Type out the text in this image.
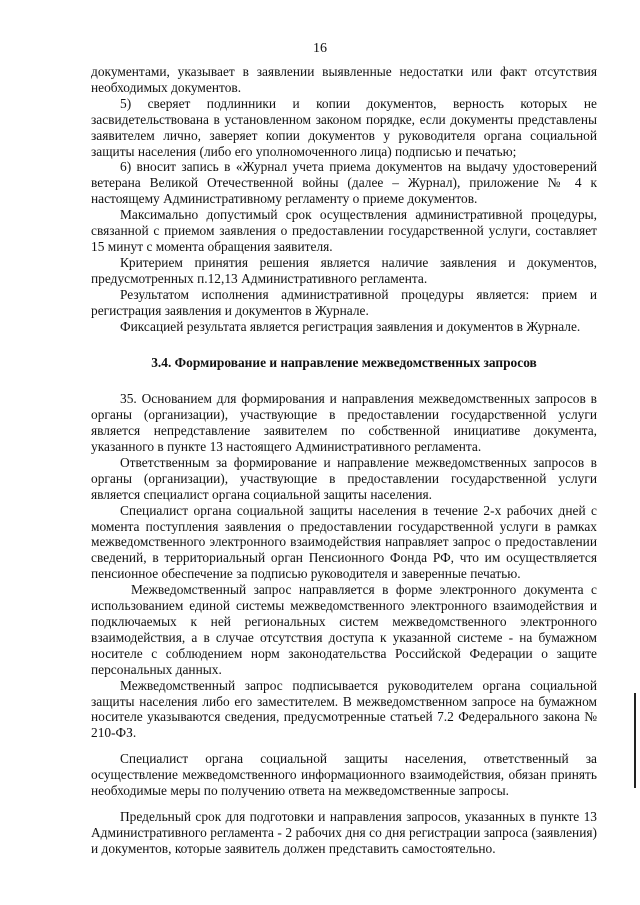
16

документами, указывает в заявлении выявленные недостатки или факт отсутствия необходимых документов.

5) сверяет подлинники и копии документов, верность которых не засвидетельствована в установленном законом порядке, если документы представлены заявителем лично, заверяет копии документов у руководителя органа социальной защиты населения (либо его уполномоченного лица) подписью и печатью;

6) вносит запись в «Журнал учета приема документов на выдачу удостоверений ветерана Великой Отечественной войны (далее – Журнал), приложение № 4 к настоящему Административному регламенту о приеме документов.

Максимально допустимый срок осуществления административной процедуры, связанной с приемом заявления о предоставлении государственной услуги, составляет 15 минут с момента обращения заявителя.

Критерием принятия решения является наличие заявления и документов, предусмотренных п.12,13 Административного регламента.

Результатом исполнения административной процедуры является: прием и регистрация заявления и документов в Журнале.

Фиксацией результата является регистрация заявления и документов в Журнале.

3.4. Формирование и направление межведомственных запросов

35. Основанием для формирования и направления межведомственных запросов в органы (организации), участвующие в предоставлении государственной услуги является непредставление заявителем по собственной инициативе документа, указанного в пункте 13 настоящего Административного регламента.

Ответственным за формирование и направление межведомственных запросов в органы (организации), участвующие в предоставлении государственной услуги является специалист органа социальной защиты населения.

Специалист органа социальной защиты населения в течение 2-х рабочих дней с момента поступления заявления о предоставлении государственной услуги в рамках межведомственного электронного взаимодействия направляет запрос о предоставлении сведений, в территориальный орган Пенсионного Фонда РФ, что им осуществляется пенсионное обеспечение за подписью руководителя и заверенные печатью.

Межведомственный запрос направляется в форме электронного документа с использованием единой системы межведомственного электронного взаимодействия и подключаемых к ней региональных систем межведомственного электронного взаимодействия, а в случае отсутствия доступа к указанной системе - на бумажном носителе с соблюдением норм законодательства Российской Федерации о защите персональных данных.

Межведомственный запрос подписывается руководителем органа социальной защиты населения либо его заместителем. В межведомственном запросе на бумажном носителе указываются сведения, предусмотренные статьей 7.2 Федерального закона № 210-ФЗ.

Специалист органа социальной защиты населения, ответственный за осуществление межведомственного информационного взаимодействия, обязан принять необходимые меры по получению ответа на межведомственные запросы.

Предельный срок для подготовки и направления запросов, указанных в пункте 13 Административного регламента - 2 рабочих дня со дня регистрации запроса (заявления) и документов, которые заявитель должен представить самостоятельно.
